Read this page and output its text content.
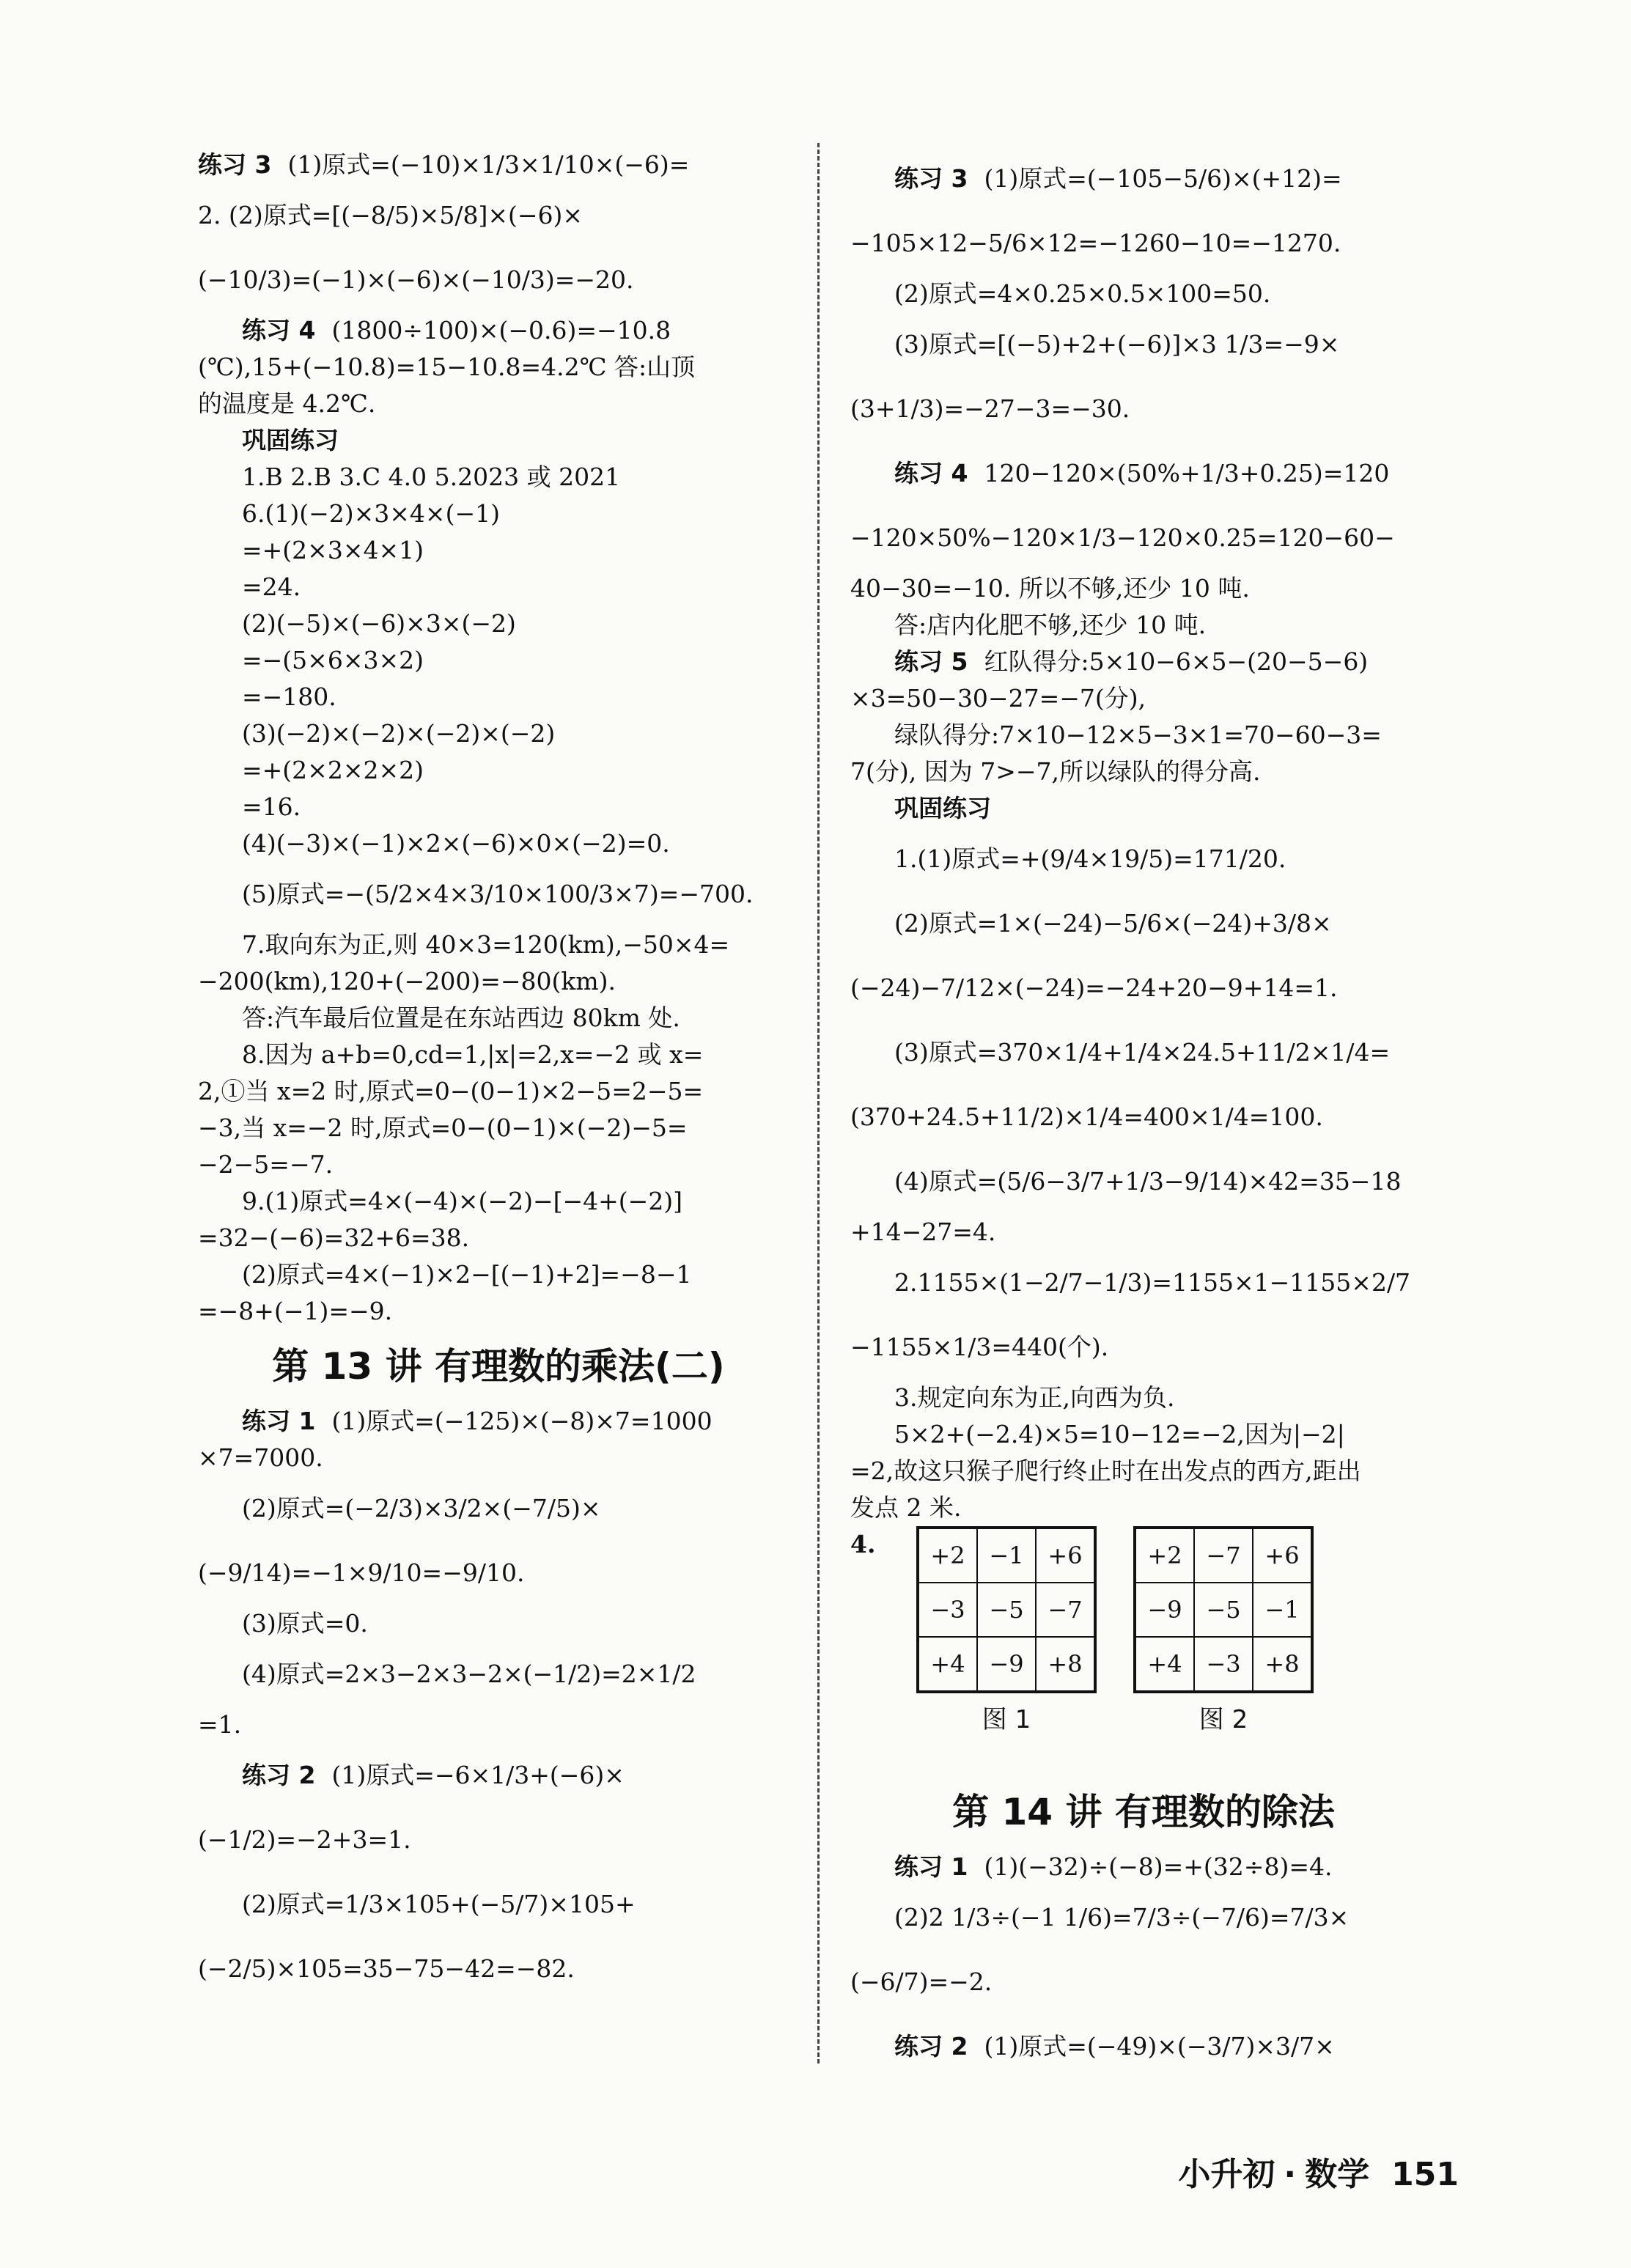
练习 3 (1)原式=(−10)×1/3×1/10×(−6)=
2. (2)原式=[(−8/5)×5/8]×(−6)×
(−10/3)=(−1)×(−6)×(−10/3)=−20.
练习 4 (1800÷100)×(−0.6)=−10.8
(℃),15+(−10.8)=15−10.8=4.2℃ 答:山顶
的温度是 4.2℃.
巩固练习
1.B 2.B 3.C 4.0 5.2023 或 2021
6.(1)(−2)×3×4×(−1)
=+(2×3×4×1)
=24.
(2)(−5)×(−6)×3×(−2)
=−(5×6×3×2)
=−180.
(3)(−2)×(−2)×(−2)×(−2)
=+(2×2×2×2)
=16.
(4)(−3)×(−1)×2×(−6)×0×(−2)=0.
(5)原式=−(5/2×4×3/10×100/3×7)=−700.
7.取向东为正,则 40×3=120(km),−50×4=
−200(km),120+(−200)=−80(km).
答:汽车最后位置是在东站西边 80km 处.
8.因为 a+b=0,cd=1,|x|=2,x=−2 或 x=
2,①当 x=2 时,原式=0−(0−1)×2−5=2−5=
−3,当 x=−2 时,原式=0−(0−1)×(−2)−5=
−2−5=−7.
9.(1)原式=4×(−4)×(−2)−[−4+(−2)]
=32−(−6)=32+6=38.
(2)原式=4×(−1)×2−[(−1)+2]=−8−1
=−8+(−1)=−9.
第 13 讲 有理数的乘法(二)
练习 1 (1)原式=(−125)×(−8)×7=1000
×7=7000.
(2)原式=(−2/3)×3/2×(−7/5)×
(−9/14)=−1×9/10=−9/10.
(3)原式=0.
(4)原式=2×3−2×3−2×(−1/2)=2×1/2
=1.
练习 2 (1)原式=−6×1/3+(−6)×
(−1/2)=−2+3=1.
(2)原式=1/3×105+(−5/7)×105+
(−2/5)×105=35−75−42=−82.
练习 3 (1)原式=(−105−5/6)×(+12)=
−105×12−5/6×12=−1260−10=−1270.
(2)原式=4×0.25×0.5×100=50.
(3)原式=[(−5)+2+(−6)]×3 1/3=−9×
(3+1/3)=−27−3=−30.
练习 4 120−120×(50%+1/3+0.25)=120
−120×50%−120×1/3−120×0.25=120−60−
40−30=−10. 所以不够,还少 10 吨.
答:店内化肥不够,还少 10 吨.
练习 5 红队得分:5×10−6×5−(20−5−6)
×3=50−30−27=−7(分),
绿队得分:7×10−12×5−3×1=70−60−3=
7(分), 因为 7>−7,所以绿队的得分高.
巩固练习
1.(1)原式=+(9/4×19/5)=171/20.
(2)原式=1×(−24)−5/6×(−24)+3/8×
(−24)−7/12×(−24)=−24+20−9+14=1.
(3)原式=370×1/4+1/4×24.5+11/2×1/4=
(370+24.5+11/2)×1/4=400×1/4=100.
(4)原式=(5/6−3/7+1/3−9/14)×42=35−18
+14−27=4.
2.1155×(1−2/7−1/3)=1155×1−1155×2/7
−1155×1/3=440(个).
3.规定向东为正,向西为负.
5×2+(−2.4)×5=10−12=−2,因为|−2|
=2,故这只猴子爬行终止时在出发点的西方,距出
发点 2 米.
4. +2	−1	+6
−3	−5	−7
+4	−9	+8
图 1
+2	−7	+6
−9	−5	−1
+4	−3	+8
图 2
第 14 讲 有理数的除法
练习 1 (1)(−32)÷(−8)=+(32÷8)=4.
(2)2 1/3÷(−1 1/6)=7/3÷(−7/6)=7/3×
(−6/7)=−2.
练习 2 (1)原式=(−49)×(−3/7)×3/7×
小升初 · 数学 151
